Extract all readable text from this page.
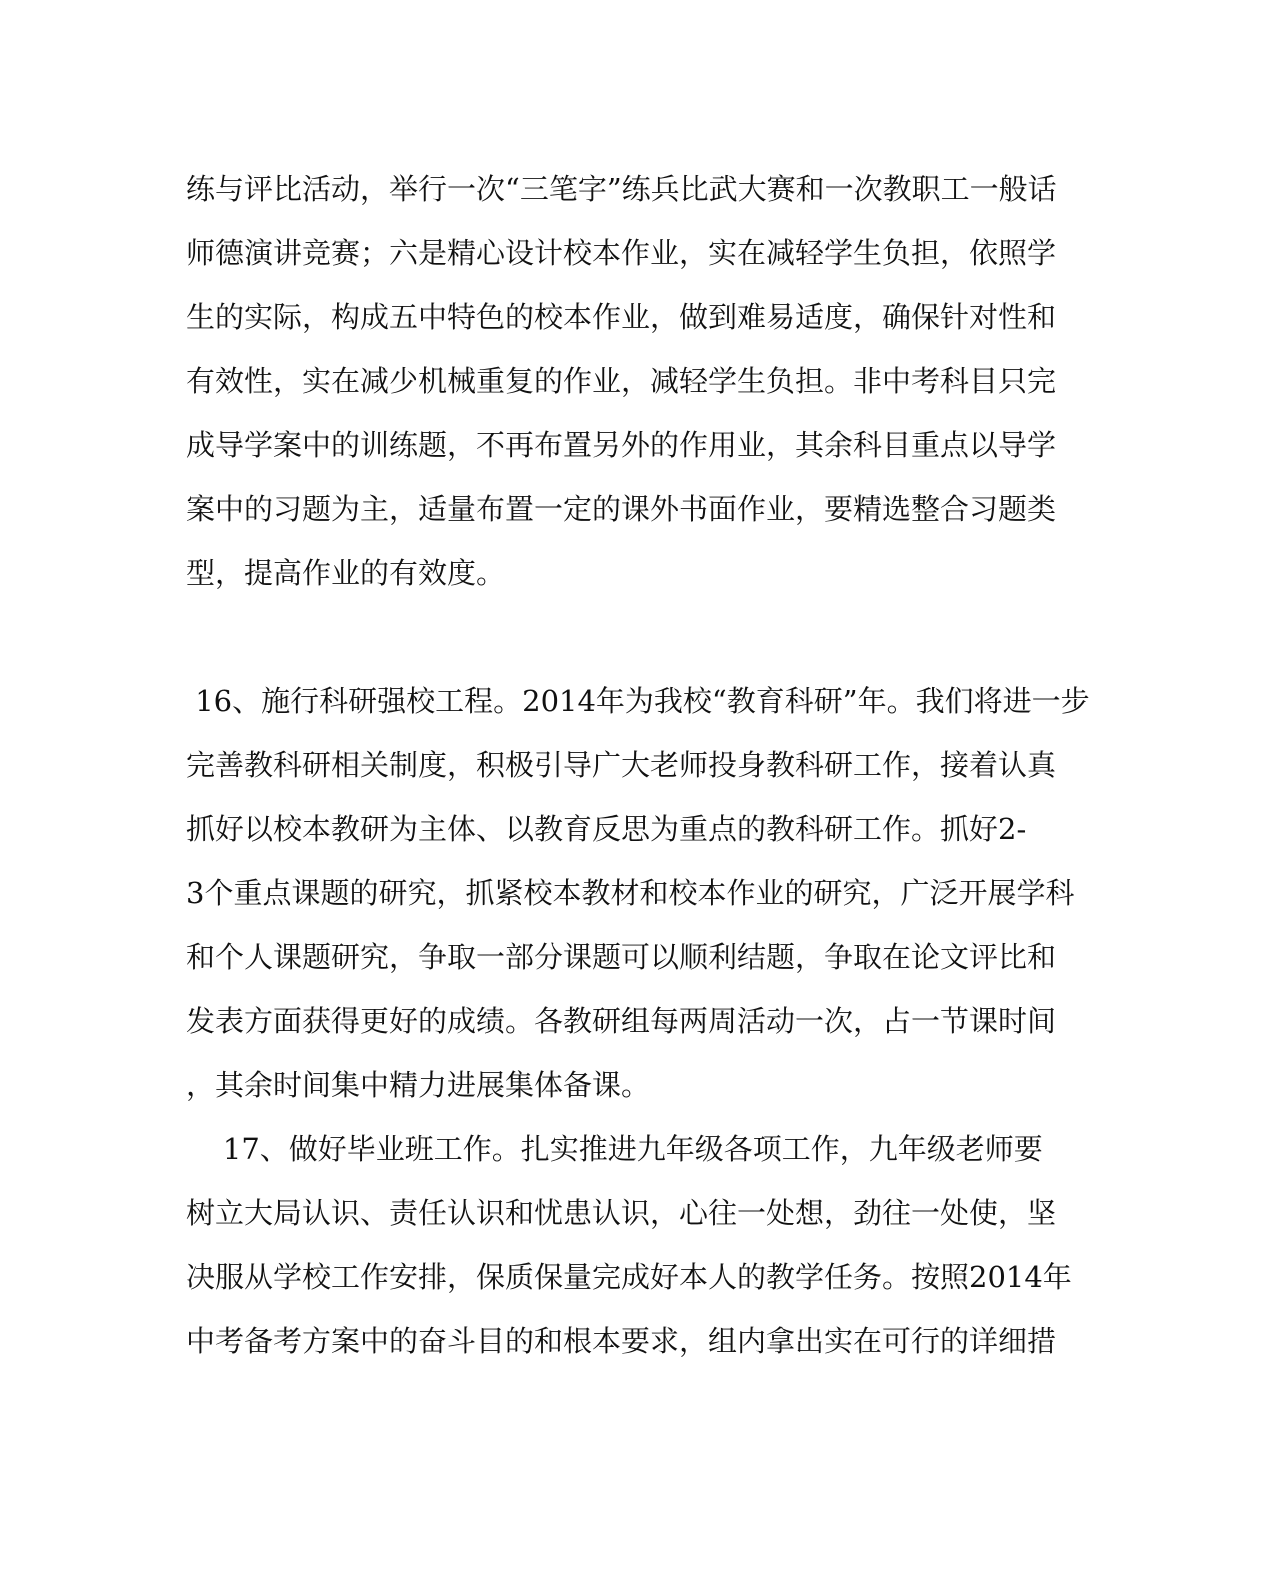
练与评比活动，举行一次“三笔字”练兵比武大赛和一次教职工一般话
师德演讲竞赛；六是精心设计校本作业，实在减轻学生负担，依照学
生的实际，构成五中特色的校本作业，做到难易适度，确保针对性和
有效性，实在减少机械重复的作业，减轻学生负担。非中考科目只完
成导学案中的训练题，不再布置另外的作用业，其余科目重点以导学
案中的习题为主，适量布置一定的课外书面作业，要精选整合习题类
型，提高作业的有效度。
16、施行科研强校工程。2014年为我校“教育科研”年。我们将进一步
完善教科研相关制度，积极引导广大老师投身教科研工作，接着认真
抓好以校本教研为主体、以教育反思为重点的教科研工作。抓好2-
3个重点课题的研究，抓紧校本教材和校本作业的研究，广泛开展学科
和个人课题研究，争取一部分课题可以顺利结题，争取在论文评比和
发表方面获得更好的成绩。各教研组每两周活动一次，占一节课时间
，其余时间集中精力进展集体备课。
17、做好毕业班工作。扎实推进九年级各项工作，九年级老师要
树立大局认识、责任认识和忧患认识，心往一处想，劲往一处使，坚
决服从学校工作安排，保质保量完成好本人的教学任务。按照2014年
中考备考方案中的奋斗目的和根本要求，组内拿出实在可行的详细措
